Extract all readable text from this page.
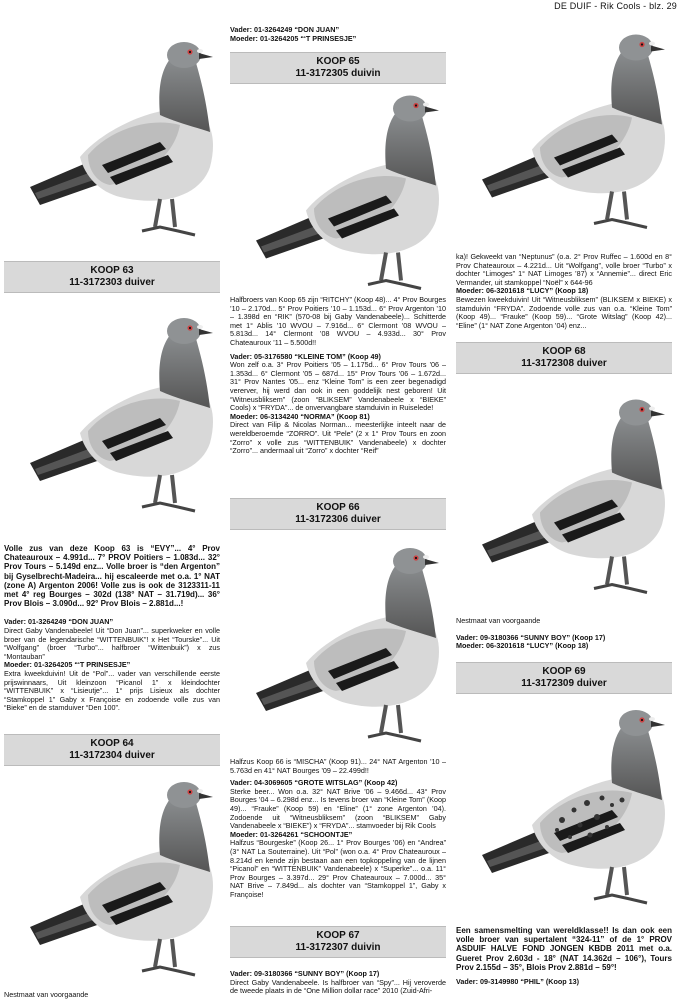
DE DUIF - Rik Cools - blz. 29
KOOP 63
11-3172303 duiver
Volle zus van deze Koop 63 is “EVY”... 4° Prov Chateauroux – 4.991d... 7° PROV Poitiers – 1.083d... 32° Prov Tours – 5.149d enz... Volle broer is “den Argenton” bij Gyselbrecht-Madeira... hij escaleerde met o.a. 1° NAT (zone A) Argenton 2006! Volle zus is ook de 3123311-11 met 4° reg Bourges – 302d (138° NAT – 31.719d)... 36° Prov Blois – 3.090d... 92° Prov Blois – 2.881d...!
Vader: 01-3264249 “DON JUAN”
Direct Gaby Vandenabeele! Uit “Don Juan”... superkweker en volle broer van de legendarische “WITTENBUIK”! x Het “Tourske”... Uit “Wolfgang” (broer “Turbo”... halfbroer “Wittenbuik”) x zus “Montauban”
Moeder: 01-3264205 “‘T PRINSESJE”
Extra kweekduivin! Uit de “Pol”... vader van verschillende eerste prijswinnaars, Uit kleinzoon “Picanol 1” x kleindochter “WITTENBUIK” x “Lisieutje”... 1° prijs Lisieux als dochter “Stamkoppel 1” Gaby x Françoise en zodoende volle zus van “Bieke” en de stamduiver “Den 100”.
KOOP 64
11-3172304 duiver
Nestmaat van voorgaande
Vader: 01-3264249 “DON JUAN”
Moeder: 01-3264205 “‘T PRINSESJE”
KOOP 65
11-3172305 duivin
Halfbroers van Koop 65 zijn “RITCHY” (Koop 48)... 4° Prov Bourges ’10 – 2.170d... 5° Prov Poitiers ’10 – 1.153d... 6° Prov Argenton ’10 – 1.398d en “RIK” (570-08 bij Gaby Vandenabeele)... Schitterde met 1° Ablis ’10 WVOU – 7.916d... 6° Clermont ’08 WVOU – 5.813d... 14° Clermont ’08 WVOU – 4.933d... 30° Prov Chateauroux ’11 – 5.500d!!
Vader: 05-3176580 “KLEINE TOM” (Koop 49)
Won zelf o.a. 3° Prov Poitiers ’05 – 1.175d... 6° Prov Tours ’06 – 1.353d... 6° Clermont ’05 – 687d... 15° Prov Tours ’06 – 1.672d... 31° Prov Nantes ’05... enz “Kleine Tom” is een zeer begenadigd vererver, hij werd dan ook in een goddelijk nest geboren! Uit “Witneusbliksem” (zoon “BLIKSEM” Vandenabeele x “BIEKE” Cools) x “FRYDA”... de onvervangbare stamduivin in Ruiselede!
Moeder: 06-3134240 “NORMA” (Koop 81)
Direct van Filip & Nicolas Norman... meesterlijke inteelt naar de wereldberoemde “ZORRO”. Uit “Pele” (2 x 1° Prov Tours en zoon “Zorro” x volle zus “WITTENBUIK” Vandenabeele) x dochter “Zorro”... andermaal uit “Zorro” x dochter “Reif”
KOOP 66
11-3172306 duiver
Halfzus Koop 66 is “MISCHA” (Koop 91)... 24° NAT Argenton ’10 – 5.763d en 41° NAT Bourges ’09 – 22.499d!!
Vader: 04-3069605 “GROTE WITSLAG” (Koop 42)
Sterke beer... Won o.a. 32° NAT Brive ’06 – 9.466d... 43° Prov Bourges ’04 – 6.298d enz... Is tevens broer van “Kleine Tom” (Koop 49)... “Frauke” (Koop 59) en “Eline” (1° zone Argenton ’04). Zodoende uit “Witneusbliksem” (zoon “BLIKSEM” Gaby Vandenabeele x “BIEKE”) x “FRYDA”... stamvoeder bij Rik Cools
Moeder: 01-3264261 “SCHOONTJE”
Halfzus “Bourgeske” (Koop 26... 1° Prov Bourges ’06) en “Andrea” (3° NAT La Souterraine). Uit “Pol” (won o.a. 4° Prov Chateauroux – 8.214d en kende zijn bestaan aan een topkoppeling van de lijnen “Picanol” en “WITTENBUIK” Vandenabeele) x “Superke”... o.a. 11° Prov Bourges – 3.397d... 29° Prov Chateauroux – 7.000d... 35° NAT Brive – 7.849d... als dochter van “Stamkoppel 1”, Gaby x Françoise!
KOOP 67
11-3172307 duivin
Vader: 09-3180366 “SUNNY BOY” (Koop 17)
Direct Gaby Vandenabeele. Is halfbroer van “Spy”... Hij veroverde de tweede plaats in de “One Million dollar race” 2010 (Zuid-Afri-
ka)! Gekweekt van “Neptunus” (o.a. 2° Prov Ruffec – 1.600d en 8° Prov Chateauroux – 4.221d... Uit “Wolfgang”, volle broer “Turbo” x dochter “Limoges” 1° NAT Limoges ’87) x “Annemie”... direct Eric Vermander, uit stamkoppel “Noël” x 644-96
Moeder: 06-3201618 “LUCY” (Koop 18)
Bewezen kweekduivin! Uit “Witneusbliksem” (BLIKSEM x BIEKE) x stamduivin “FRYDA”. Zodoende volle zus van o.a. “Kleine Tom” (Koop 49)... “Frauke” (Koop 59)... “Grote Witslag” (Koop 42)... “Eline” (1° NAT Zone Argenton ’04) enz...
KOOP 68
11-3172308 duiver
Nestmaat van voorgaande
Vader: 09-3180366 “SUNNY BOY” (Koop 17)
Moeder: 06-3201618 “LUCY” (Koop 18)
KOOP 69
11-3172309 duiver
Een samensmelting van wereldklasse!! Is dan ook een volle broer van supertalent “324-11” of de 1° PROV ASDUIF HALVE FOND JONGEN KBDB 2011 met o.a. Gueret Prov 2.603d - 18° (NAT 14.362d – 106°), Tours Prov 2.155d – 35°, Blois Prov 2.881d – 59°!
Vader: 09-3149980 “PHIL” (Koop 13)
